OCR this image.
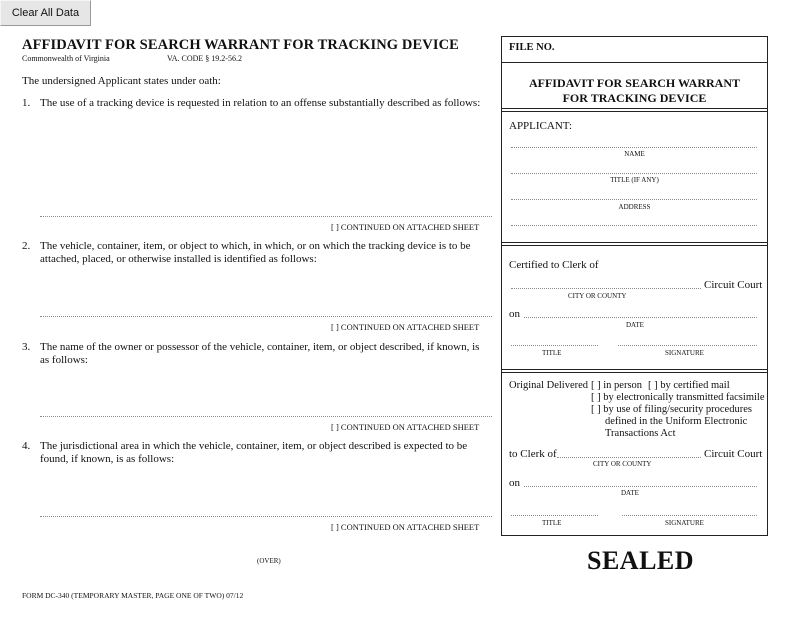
Clear All Data
AFFIDAVIT FOR SEARCH WARRANT FOR TRACKING DEVICE
Commonwealth of Virginia	VA. CODE § 19.2-56.2
The undersigned Applicant states under oath:
1. The use of a tracking device is requested in relation to an offense substantially described as follows:
[ ] CONTINUED ON ATTACHED SHEET
2. The vehicle, container, item, or object to which, in which, or on which the tracking device is to be
attached, placed, or otherwise installed is identified as follows:
[ ] CONTINUED ON ATTACHED SHEET
3. The name of the owner or possessor of the vehicle, container, item, or object described, if known, is
as follows:
[ ] CONTINUED ON ATTACHED SHEET
4. The jurisdictional area in which the vehicle, container, item, or object described is expected to be
found, if known, is as follows:
[ ] CONTINUED ON ATTACHED SHEET
(OVER)
FORM DC-340 (TEMPORARY MASTER, PAGE ONE OF TWO) 07/12
SEALED
FILE NO.
AFFIDAVIT FOR SEARCH WARRANT
FOR TRACKING DEVICE
APPLICANT:
NAME
TITLE (IF ANY)
ADDRESS
Certified to Clerk of
Circuit Court
CITY OR COUNTY
on
DATE
TITLE	SIGNATURE
Original Delivered [ ] in person [ ] by certified mail
[ ] by electronically transmitted facsimile
[ ] by use of filing/security procedures
defined in the Uniform Electronic
Transactions Act
to Clerk of	Circuit Court
CITY OR COUNTY
on
DATE
TITLE	SIGNATURE
